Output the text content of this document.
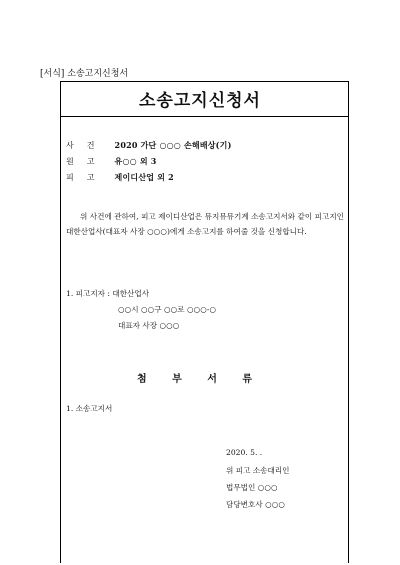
[서식] 소송고지신청서
소송고지신청서
사건 2020 가단 ○○○ 손해배상(기)
원고 유○○ 외 3
피고 제이디산업 외 2
위 사건에 관하여, 피고 제이디산업은 뮤지뮤뮤기계 소송고지서와 같이 피고지인 대한산업사(대표자 사장 ○○○)에게 소송고지를 하여줄 것을 신청합니다.
1. 피고지자 : 대한산업사
○○시 ○○구 ○○로 ○○○-○
대표자 사장 ○○○
첨 부 서 류
1. 소송고지서
2020. 5. .
위 피고 소송대리인
법무법인 ○○○
담당변호사 ○○○
